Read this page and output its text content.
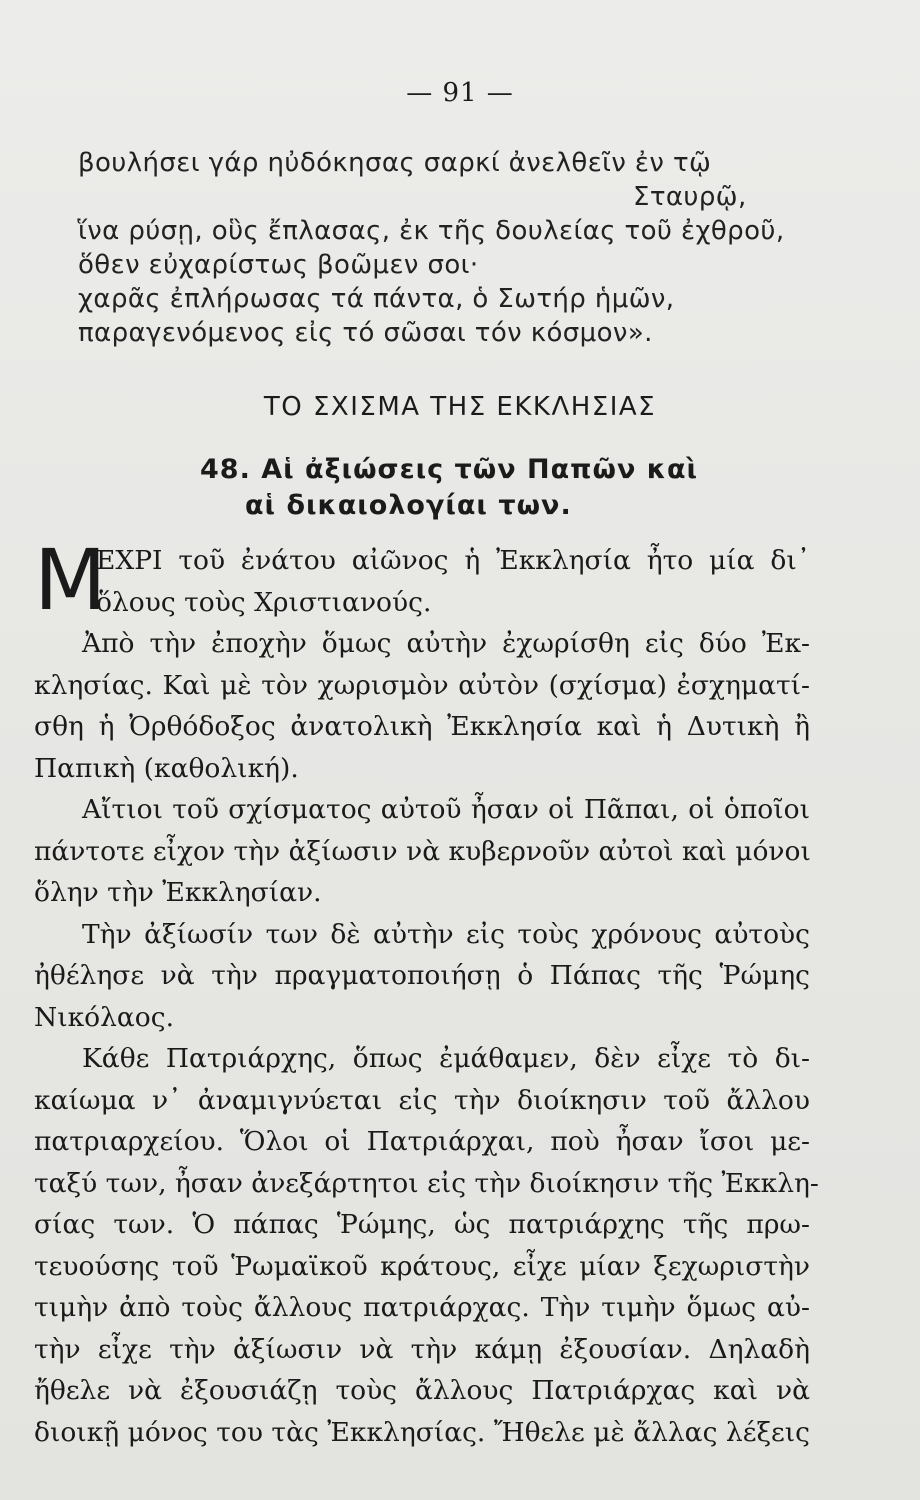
— 91 —
βουλήσει γάρ ηὐδόκησας σαρκί ἀνελθεῖν ἐν τῷ
Σταυρῷ,
ἵνα ρύσῃ, οὓς ἔπλασας, ἐκ τῆς δουλείας τοῦ ἐχθροῦ,
ὅθεν εὐχαρίστως βοῶμεν σοι·
χαρᾶς ἐπλήρωσας τά πάντα, ὁ Σωτήρ ἡμῶν,
παραγενόμενος εἰς τό σῶσαι τόν κόσμον».
ΤΟ ΣΧΙΣΜΑ ΤΗΣ ΕΚΚΛΗΣΙΑΣ
48. Αἱ ἀξιώσεις τῶν Παπῶν καὶ
αἱ δικαιολογίαι των.
Μ
ΕΧΡΙ τοῦ ἐνάτου αἰῶνος ἡ Ἐκκλησία ἦτο μία δι᾿
ὅλους τοὺς Χριστιανούς.
Ἀπὸ τὴν ἐποχὴν ὅμως αὐτὴν ἐχωρίσθη εἰς δύο Ἐκ-
κλησίας. Καὶ μὲ τὸν χωρισμὸν αὐτὸν (σχίσμα) ἐσχηματί-
σθη ἡ Ὀρθόδοξος ἀνατολικὴ Ἐκκλησία καὶ ἡ Δυτικὴ ἢ
Παπικὴ (καθολική).
Αἴτιοι τοῦ σχίσματος αὐτοῦ ἦσαν οἱ Πᾶπαι, οἱ ὁποῖοι
πάντοτε εἶχον τὴν ἀξίωσιν νὰ κυβερνοῦν αὐτοὶ καὶ μόνοι
ὅλην τὴν Ἐκκλησίαν.
Τὴν ἀξίωσίν των δὲ αὐτὴν εἰς τοὺς χρόνους αὐτοὺς
ἠθέλησε νὰ τὴν πραγματοποιήσῃ ὁ Πάπας τῆς Ῥώμης
Νικόλαος.
Κάθε Πατριάρχης, ὅπως ἐμάθαμεν, δὲν εἶχε τὸ δι-
καίωμα ν᾿ ἀναμιγνύεται εἰς τὴν διοίκησιν τοῦ ἄλλου
πατριαρχείου. Ὅλοι οἱ Πατριάρχαι, ποὺ ἦσαν ἴσοι με-
ταξύ των, ἦσαν ἀνεξάρτητοι εἰς τὴν διοίκησιν τῆς Ἐκκλη-
σίας των. Ὁ πάπας Ῥώμης, ὡς πατριάρχης τῆς πρω-
τευούσης τοῦ Ῥωμαϊκοῦ κράτους, εἶχε μίαν ξεχωριστὴν
τιμὴν ἀπὸ τοὺς ἄλλους πατριάρχας. Τὴν τιμὴν ὅμως αὐ-
τὴν εἶχε τὴν ἀξίωσιν νὰ τὴν κάμῃ ἐξουσίαν. Δηλαδὴ
ἤθελε νὰ ἐξουσιάζῃ τοὺς ἄλλους Πατριάρχας καὶ νὰ
διοικῇ μόνος του τὰς Ἐκκλησίας. Ἤθελε μὲ ἄλλας λέξεις
